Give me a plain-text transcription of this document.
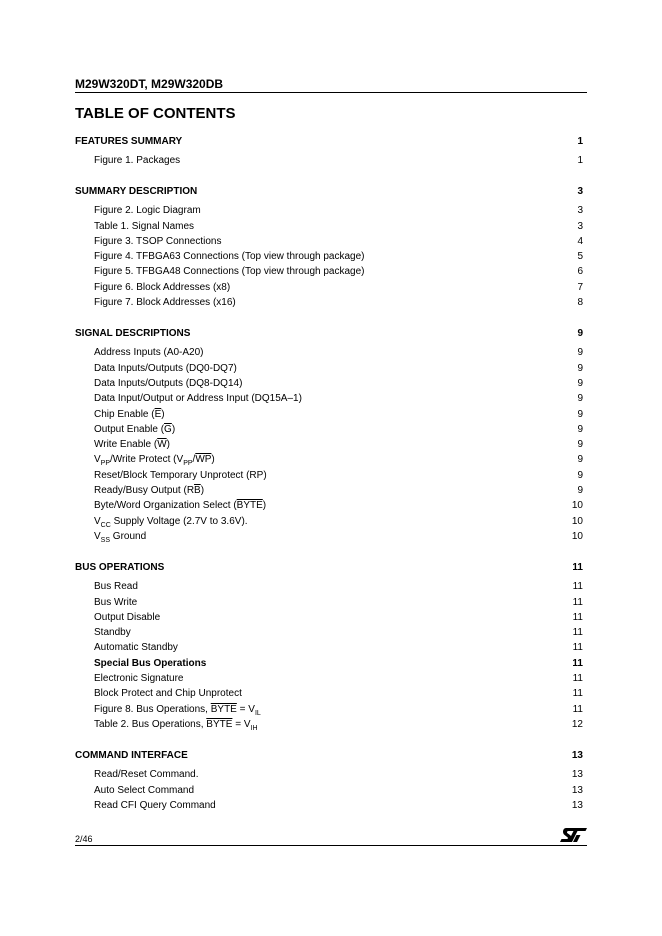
M29W320DT, M29W320DB
TABLE OF CONTENTS
FEATURES SUMMARY	1
Figure 1. Packages	1
SUMMARY DESCRIPTION	3
Figure 2. Logic Diagram	3
Table 1. Signal Names	3
Figure 3. TSOP Connections	4
Figure 4. TFBGA63 Connections (Top view through package)	5
Figure 5. TFBGA48 Connections (Top view through package)	6
Figure 6. Block Addresses (x8)	7
Figure 7. Block Addresses (x16)	8
SIGNAL DESCRIPTIONS	9
Address Inputs (A0-A20)	9
Data Inputs/Outputs (DQ0-DQ7)	9
Data Inputs/Outputs (DQ8-DQ14)	9
Data Input/Output or Address Input (DQ15A–1)	9
Chip Enable $(\overline{E})$	9
Output Enable $(\overline{G})$	9
Write Enable $(\overline{W})$	9
$V_{PP}$/Write Protect $(V_{PP}/\overline{WP})$	9
Reset/Block Temporary Unprotect (RP)	9
Ready/Busy Output $(R\overline{B})$	9
Byte/Word Organization Select (BYTE)	10
$V_{CC}$ Supply Voltage (2.7V to 3.6V).	10
$V_{SS}$ Ground	10
BUS OPERATIONS	11
Bus Read	11
Bus Write	11
Output Disable	11
Standby	11
Automatic Standby	11
Special Bus Operations	11
Electronic Signature	11
Block Protect and Chip Unprotect	11
Figure 8. Bus Operations, BYTE = $V_{IL}$	11
Table 2. Bus Operations, BYTE = $V_{IH}$	12
COMMAND INTERFACE	13
Read/Reset Command.	13
Auto Select Command	13
Read CFI Query Command	13
2/46
